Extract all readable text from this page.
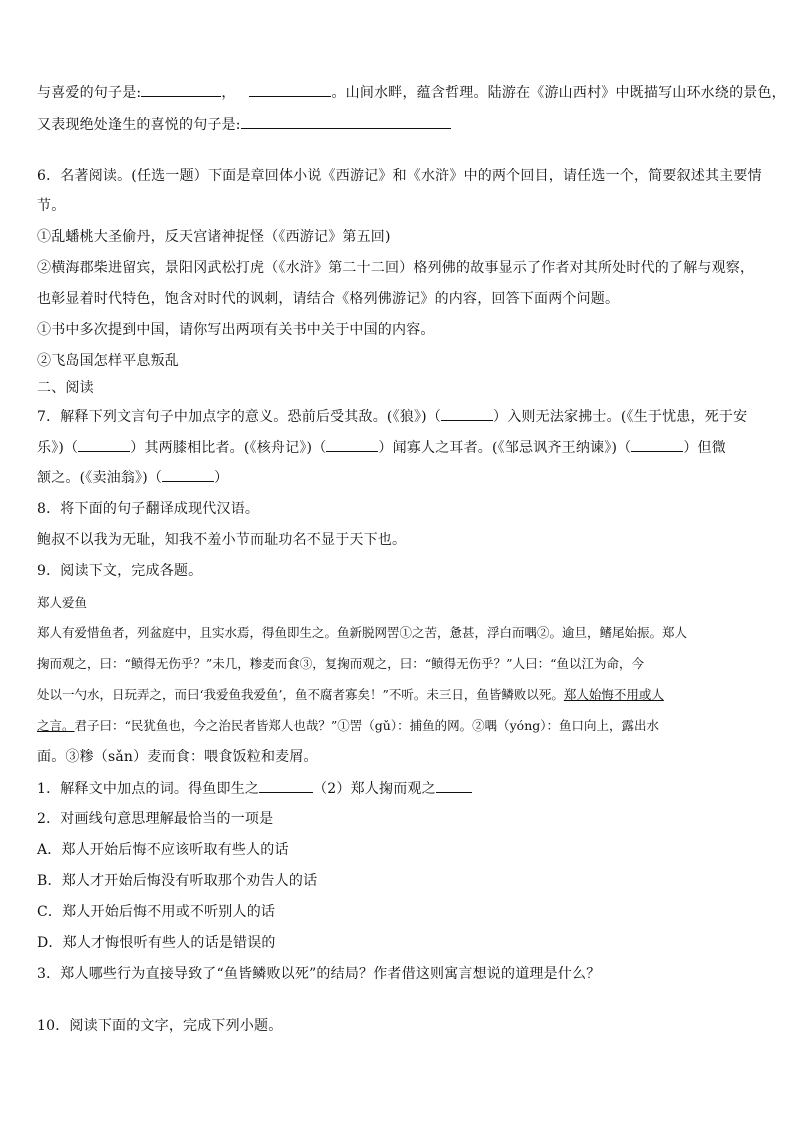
与喜爱的句子是:	，	。山间水畔，蕴含哲理。陆游在《游山西村》中既描写山环水绕的景色，
又表现绝处逢生的喜悦的句子是:
6．名著阅读。(任选一题）下面是章回体小说《西游记》和《水浒》中的两个回目，请任选一个，简要叙述其主要情
节。
①乱蟠桃大圣偷丹，反天宫诸神捉怪（《西游记》第五回)
②横海郡柴进留宾，景阳冈武松打虎（《水浒》第二十二回）格列佛的故事显示了作者对其所处时代的了解与观察，
也彰显着时代特色，饱含对时代的讽刺，请结合《格列佛游记》的内容，回答下面两个问题。
①书中多次提到中国，请你写出两项有关书中关于中国的内容。
②飞岛国怎样平息叛乱
二、阅读
7．解释下列文言句子中加点字的意义。恐前后受其敌。(《狼》)（	）入则无法家拂士。(《生于忧患，死于安
乐》)（	）其两膝相比者。(《核舟记》)（	）闻寡人之耳者。(《邹忌讽齐王纳谏》)（	）但微
颔之。(《卖油翁》)（	）
8．将下面的句子翻译成现代汉语。
鲍叔不以我为无耻，知我不羞小节而耻功名不显于天下也。
9．阅读下文，完成各题。
郑人爱鱼
郑人有爱惜鱼者，列盆庭中，且实水焉，得鱼即生之。鱼新脱网罟①之苦，惫甚，浮白而喁②。逾旦，鳍尾始振。郑人
掬而观之，曰：“鲼得无伤乎？”未几，糁麦而食③，复掬而观之，曰：“鲼得无伤乎？”人曰：“鱼以江为命，今
处以一勺水，日玩弄之，而曰‘我爱鱼我爱鱼’，鱼不腐者寡矣！”不听。未三日，鱼皆鳞败以死。郑人始悔不用或人
之言。君子曰：“民犹鱼也，今之治民者皆郑人也哉？”①罟（gǔ）：捕鱼的网。②喁（yóng）：鱼口向上，露出水
面。③糁（sǎn）麦而食：喂食饭粒和麦屑。
1．解释文中加点的词。得鱼即生之	（2）郑人掬而观之
2．对画线句意思理解最恰当的一项是
A．郑人开始后悔不应该听取有些人的话
B．郑人才开始后悔没有听取那个劝告人的话
C．郑人开始后悔不用或不听别人的话
D．郑人才悔恨听有些人的话是错误的
3．郑人哪些行为直接导致了“鱼皆鳞败以死”的结局？作者借这则寓言想说的道理是什么？
10．阅读下面的文字，完成下列小题。
